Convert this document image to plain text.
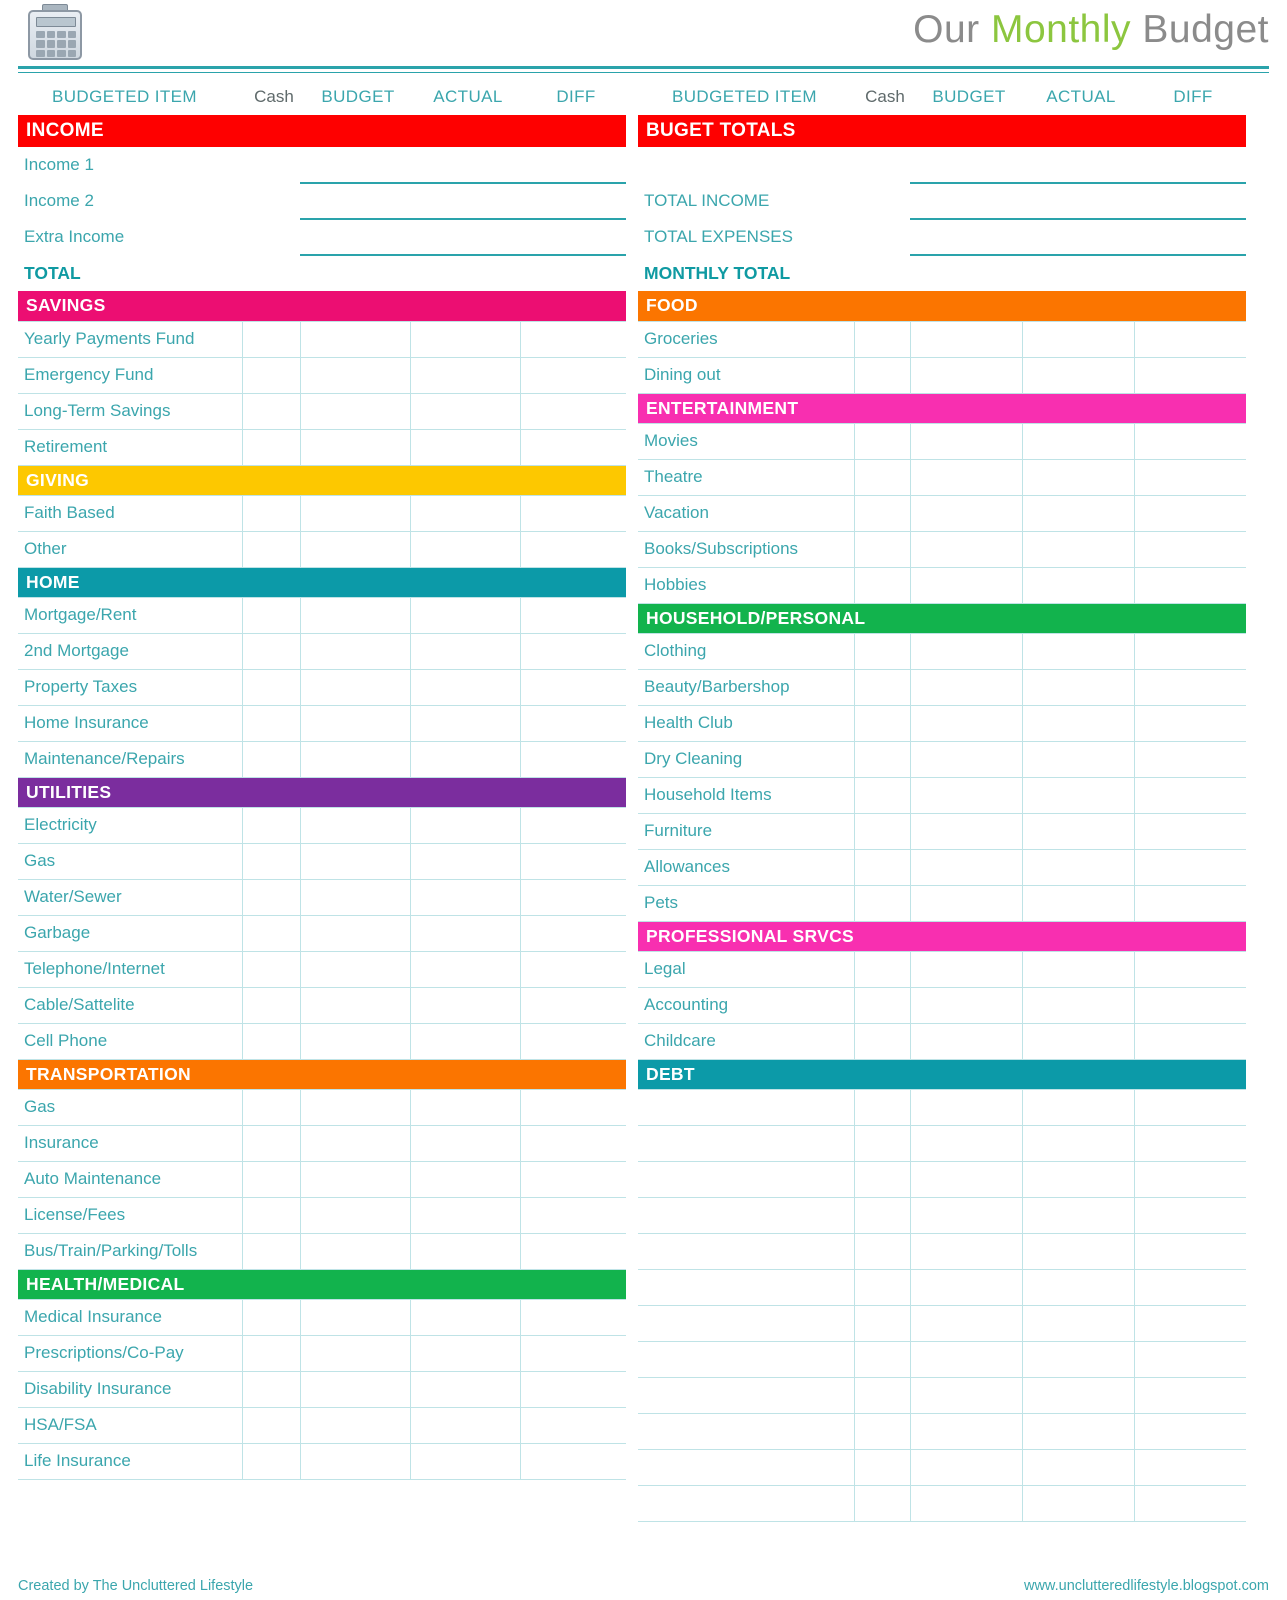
Our Monthly Budget
BUDGETED ITEM	Cash	BUDGET	ACTUAL	DIFF
INCOME				
Income 1				
Income 2				
Extra Income				
TOTAL				
SAVINGS				
Yearly Payments Fund				
Emergency Fund				
Long-Term Savings				
Retirement				
GIVING				
Faith Based				
Other				
HOME				
Mortgage/Rent				
2nd Mortgage				
Property Taxes				
Home Insurance				
Maintenance/Repairs				
UTILITIES				
Electricity				
Gas				
Water/Sewer				
Garbage				
Telephone/Internet				
Cable/Sattelite				
Cell Phone				
TRANSPORTATION				
Gas				
Insurance				
Auto Maintenance				
License/Fees				
Bus/Train/Parking/Tolls				
HEALTH/MEDICAL				
Medical Insurance				
Prescriptions/Co-Pay				
Disability Insurance				
HSA/FSA				
Life Insurance				
BUDGETED ITEM	Cash	BUDGET	ACTUAL	DIFF
BUGET TOTALS				

TOTAL INCOME				
TOTAL EXPENSES				
MONTHLY TOTAL				
FOOD				
Groceries				
Dining out				
ENTERTAINMENT				
Movies				
Theatre				
Vacation				
Books/Subscriptions				
Hobbies				
HOUSEHOLD/PERSONAL				
Clothing				
Beauty/Barbershop				
Health Club				
Dry Cleaning				
Household Items				
Furniture				
Allowances				
Pets				
PROFESSIONAL SRVCS				
Legal				
Accounting				
Childcare				
DEBT				

Created by The Uncluttered Lifestyle	www.unclutteredlifestyle.blogspot.com
